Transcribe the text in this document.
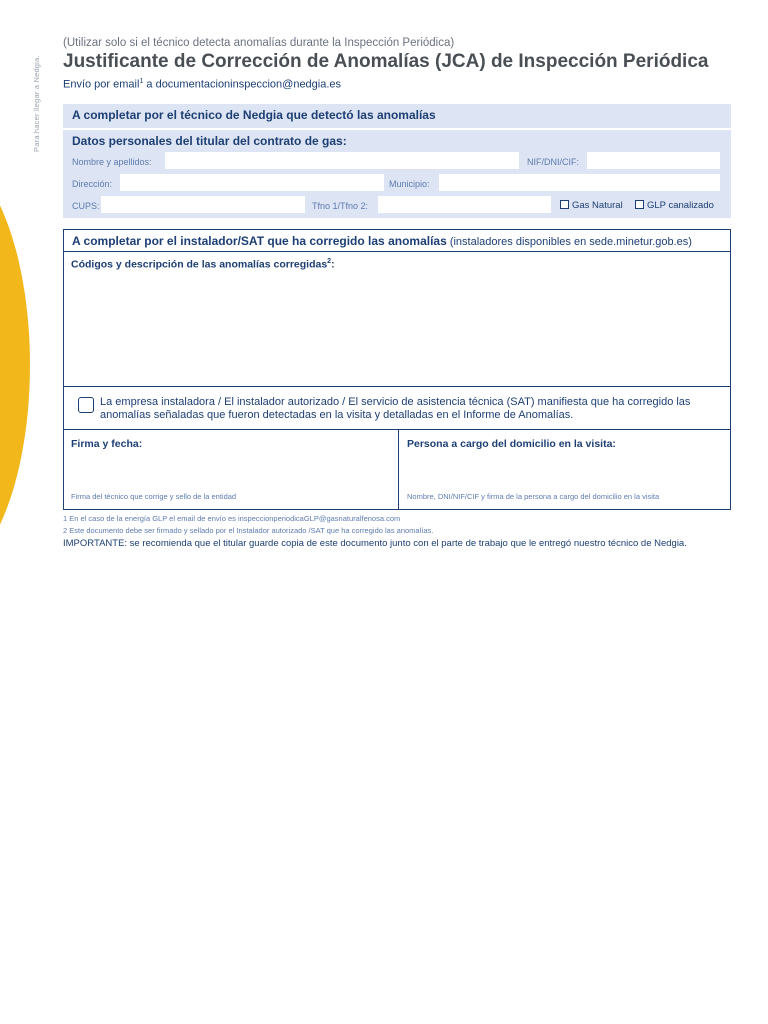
Para hacer llegar a Nedgia.
(Utilizar solo si el técnico detecta anomalías durante la Inspección Periódica)
Justificante de Corrección de Anomalías (JCA) de Inspección Periódica
Envío por email$^1$ a documentacioninspeccion@nedgia.es
A completar por el técnico de Nedgia que detectó las anomalías
Datos personales del titular del contrato de gas:
Nombre y apellidos:	NIF/DNI/CIF:
Dirección:	Municipio:
CUPS:	Tfno 1/Tfno 2:	Gas Natural	GLP canalizado
A completar por el instalador/SAT que ha corregido las anomalías (instaladores disponibles en sede.minetur.gob.es)
Códigos y descripción de las anomalías corregidas$^2$:
La empresa instaladora / El instalador autorizado / El servicio de asistencia técnica (SAT) manifiesta que ha corregido las anomalías señaladas que fueron detectadas en la visita y detalladas en el Informe de Anomalías.
Firma y fecha:	Persona a cargo del domicilio en la visita:
Firma del técnico que corrige y sello de la entidad	Nombre, DNI/NIF/CIF y firma de la persona a cargo del domicilio en la visita
1 En el caso de la energía GLP el email de envío es inspeccionperiodicaGLP@gasnaturalfenosa.com
2 Este documento debe ser firmado y sellado por el Instalador autorizado /SAT que ha corregido las anomalías.
IMPORTANTE: se recomienda que el titular guarde copia de este documento junto con el parte de trabajo que le entregó nuestro técnico de Nedgia.
